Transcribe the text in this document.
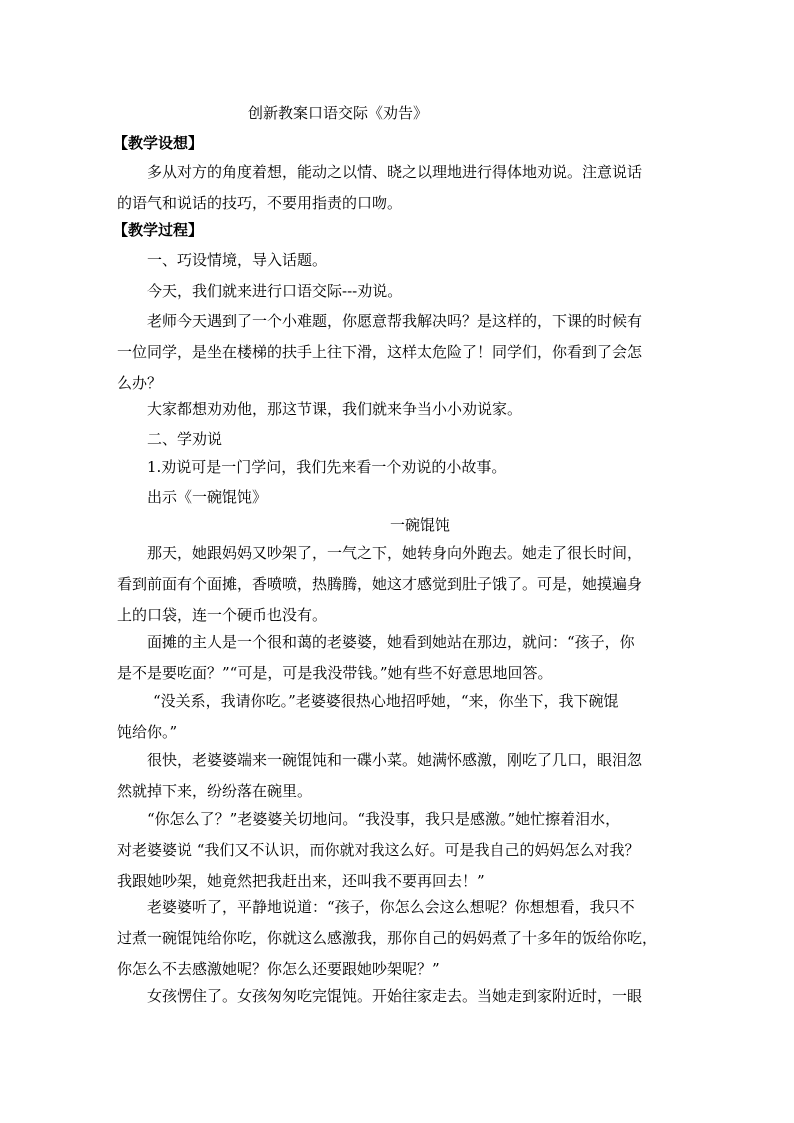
创新教案口语交际《劝告》
【教学设想】
多从对方的角度着想，能动之以情、晓之以理地进行得体地劝说。注意说话
的语气和说话的技巧，不要用指责的口吻。
【教学过程】
一、巧设情境，导入话题。
今天，我们就来进行口语交际---劝说。
老师今天遇到了一个小难题，你愿意帮我解决吗？是这样的，下课的时候有
一位同学，是坐在楼梯的扶手上往下滑，这样太危险了！同学们，你看到了会怎
么办？
大家都想劝劝他，那这节课，我们就来争当小小劝说家。
二、学劝说
1.劝说可是一门学问，我们先来看一个劝说的小故事。
出示《一碗馄饨》
一碗馄饨
那天，她跟妈妈又吵架了，一气之下，她转身向外跑去。她走了很长时间，
看到前面有个面摊，香喷喷，热腾腾，她这才感觉到肚子饿了。可是，她摸遍身
上的口袋，连一个硬币也没有。
面摊的主人是一个很和蔼的老婆婆，她看到她站在那边，就问：“孩子，你
是不是要吃面？”“可是，可是我没带钱。”她有些不好意思地回答。
“没关系，我请你吃。”老婆婆很热心地招呼她，“来，你坐下，我下碗馄
饨给你。”
很快，老婆婆端来一碗馄饨和一碟小菜。她满怀感激，刚吃了几口，眼泪忽
然就掉下来，纷纷落在碗里。
“你怎么了？”老婆婆关切地问。“我没事，我只是感激。”她忙擦着泪水，
对老婆婆说 “我们又不认识，而你就对我这么好。可是我自己的妈妈怎么对我？
我跟她吵架，她竟然把我赶出来，还叫我不要再回去！”
老婆婆听了，平静地说道：“孩子，你怎么会这么想呢？你想想看，我只不
过煮一碗馄饨给你吃，你就这么感激我，那你自己的妈妈煮了十多年的饭给你吃，
你怎么不去感激她呢？你怎么还要跟她吵架呢？”
女孩愣住了。女孩匆匆吃完馄饨。开始往家走去。当她走到家附近时，一眼
